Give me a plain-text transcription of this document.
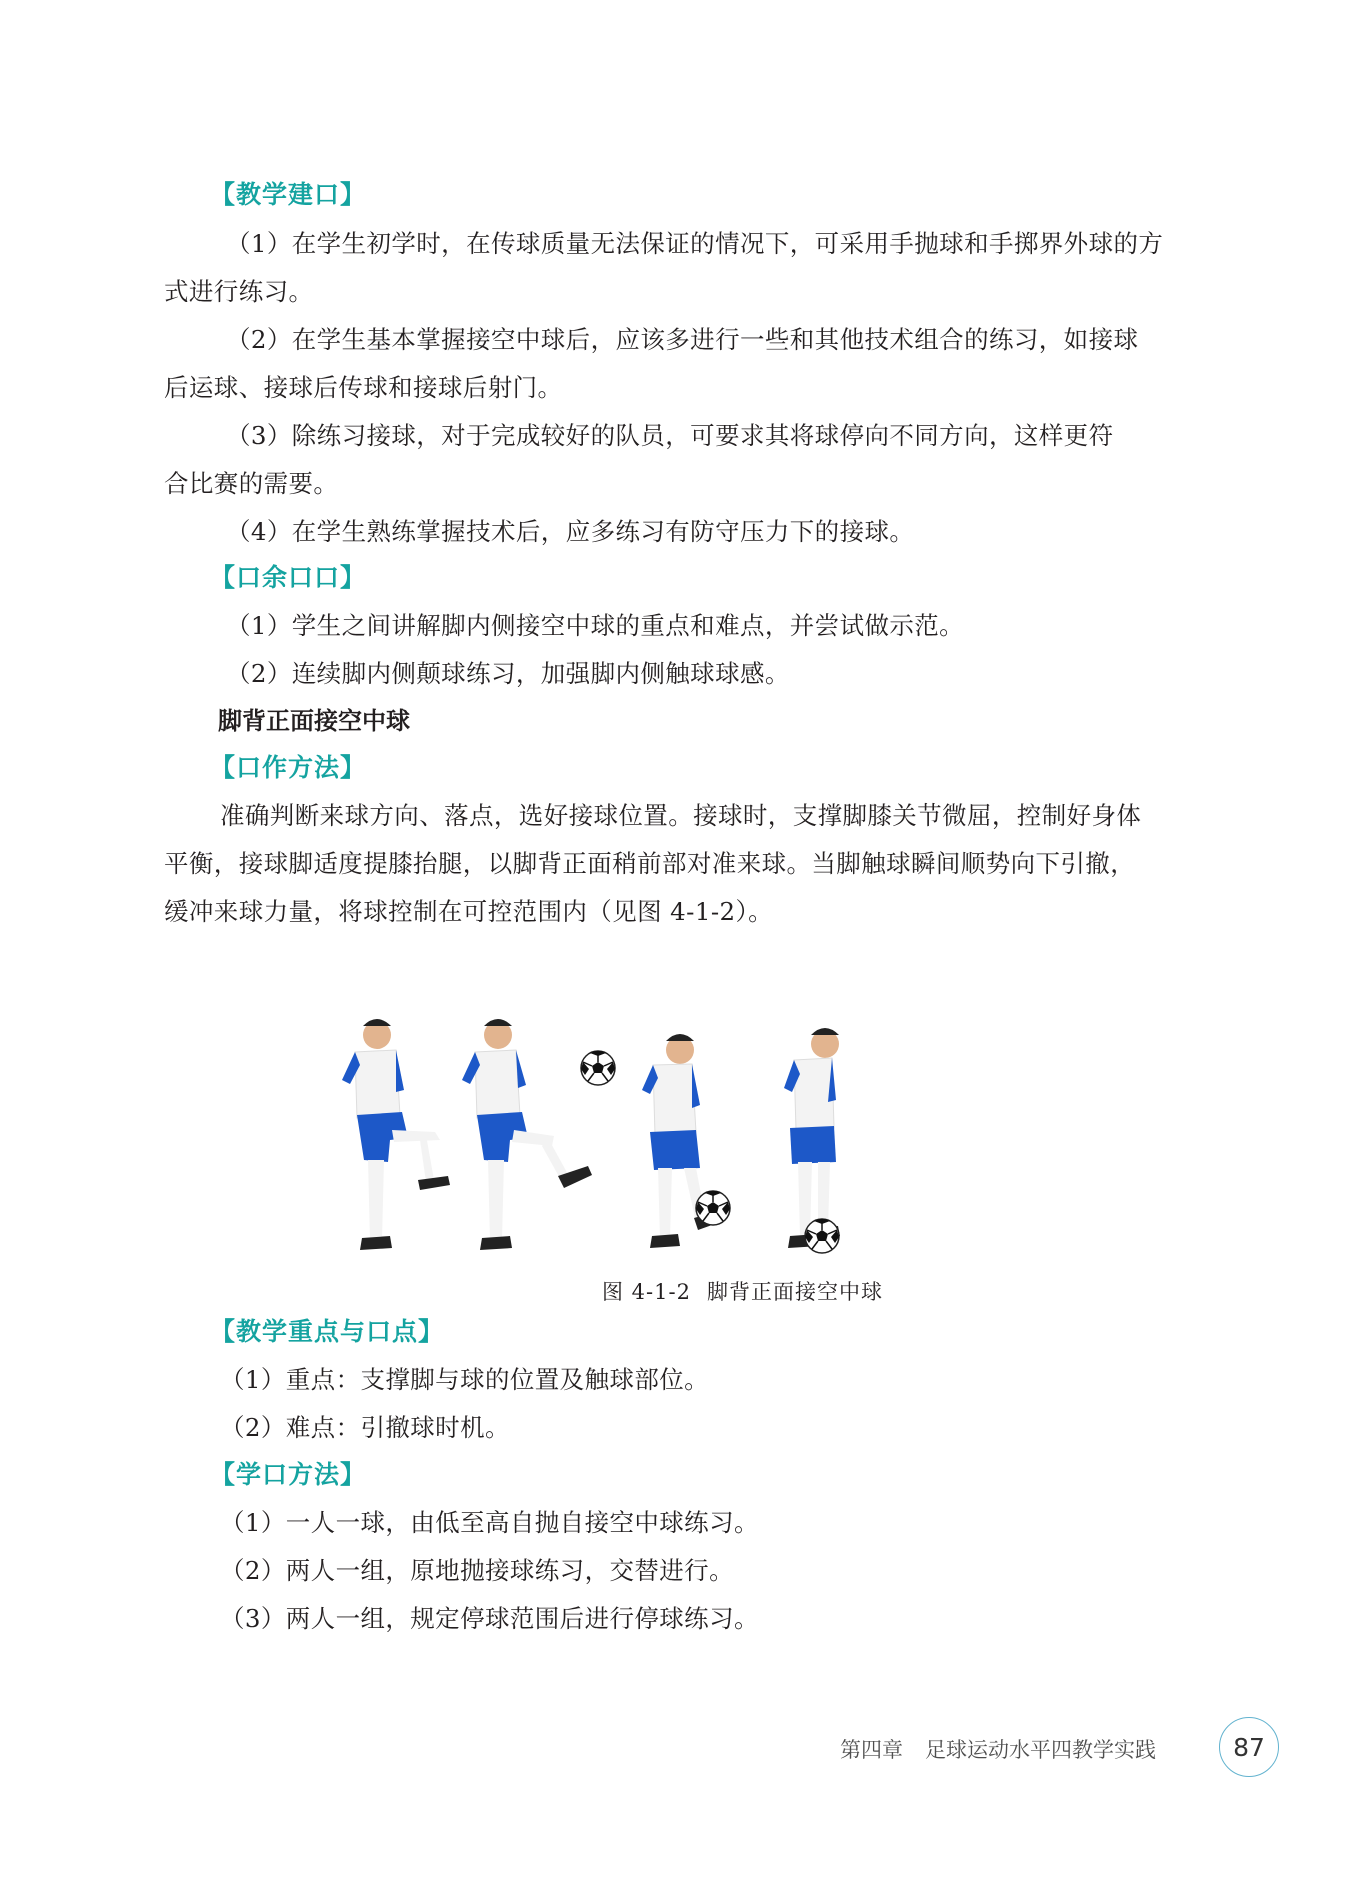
【教学建口】
（1）在学生初学时，在传球质量无法保证的情况下，可采用手抛球和手掷界外球的方
式进行练习。
（2）在学生基本掌握接空中球后，应该多进行一些和其他技术组合的练习，如接球
后运球、接球后传球和接球后射门。
（3）除练习接球，对于完成较好的队员，可要求其将球停向不同方向，这样更符
合比赛的需要。
（4）在学生熟练掌握技术后，应多练习有防守压力下的接球。
【口余口口】
（1）学生之间讲解脚内侧接空中球的重点和难点，并尝试做示范。
（2）连续脚内侧颠球练习，加强脚内侧触球球感。
脚背正面接空中球
【口作方法】
准确判断来球方向、落点，选好接球位置。接球时，支撑脚膝关节微屈，控制好身体
平衡，接球脚适度提膝抬腿，以脚背正面稍前部对准来球。当脚触球瞬间顺势向下引撤，
缓冲来球力量，将球控制在可控范围内（见图 4-1-2）。
图 4-1-2 脚背正面接空中球
【教学重点与口点】
（1）重点：支撑脚与球的位置及触球部位。
（2）难点：引撤球时机。
【学口方法】
（1）一人一球，由低至高自抛自接空中球练习。
（2）两人一组，原地抛接球练习，交替进行。
（3）两人一组，规定停球范围后进行停球练习。
第四章 足球运动水平四教学实践	87
